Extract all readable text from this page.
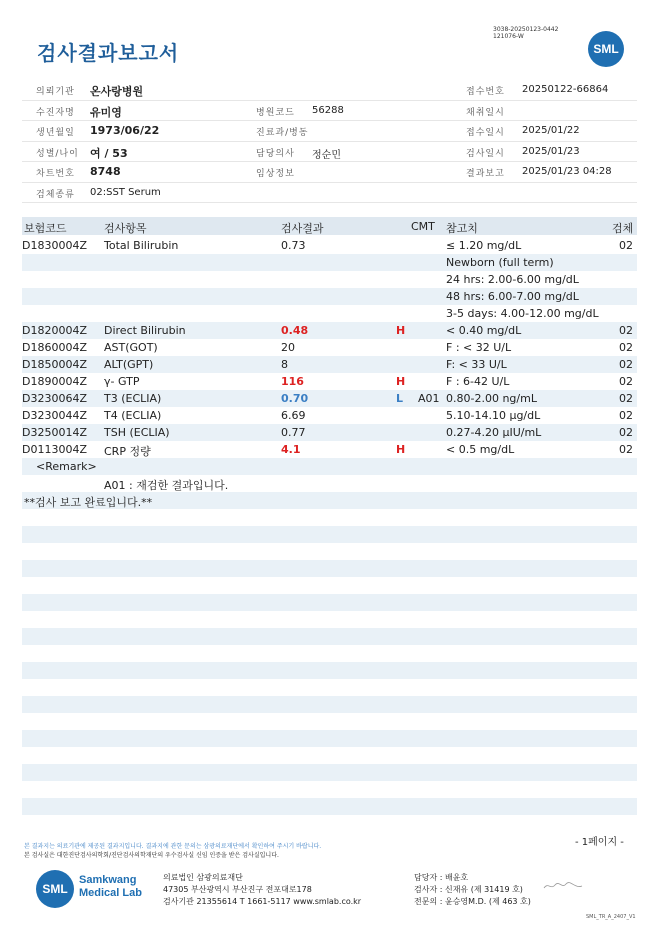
검사결과보고서
3038-20250123-0442
121076-W
SML
의뢰기관 온사랑병원	접수번호 20250122-66864
수진자명 유미영	병원코드 56288	채취일시
생년월일 1973/06/22	진료과/병동	접수일시 2025/01/22
성별/나이 여 / 53	담당의사 정순민	검사일시 2025/01/23
차트번호 8748	임상정보	결과보고 2025/01/23 04:28
검체종류 02:SST Serum
보험코드	검사항목	검사결과	CMT 참고치	검체
D1830004Z Total Bilirubin	0.73	≤ 1.20 mg/dL	02
Newborn (full term)
24 hrs: 2.00-6.00 mg/dL
48 hrs: 6.00-7.00 mg/dL
3-5 days: 4.00-12.00 mg/dL
D1820004Z Direct Bilirubin	0.48	H	< 0.40 mg/dL	02
D1860004Z AST(GOT)	20	F : < 32 U/L	02
D1850004Z ALT(GPT)	8	F: < 33 U/L	02
D1890004Z γ- GTP	116	H	F : 6-42 U/L	02
D3230064Z T3 (ECLIA)	0.70	L A01 0.80-2.00 ng/mL	02
D3230044Z T4 (ECLIA)	6.69	5.10-14.10 μg/dL	02
D3250014Z TSH (ECLIA)	0.77	0.27-4.20 μIU/mL	02
D0113004Z CRP 정량	4.1	H	< 0.5 mg/dL	02
<Remark>
A01 : 재검한 결과입니다.
**검사 보고 완료입니다.**
본 결과지는 의료기관에 제공된 결과지입니다. 결과지에 관한 문의는 삼광의료재단에서 확인하여 주시기 바랍니다.
본 검사실은 대한진단검사의학회/진단검사의학재단의 우수검사실 신임 인증을 받은 검사실입니다.
- 1페이지 -
SML
Samkwang
Medical Lab
의료법인 삼광의료재단
47305 부산광역시 부산진구 전포대로178
검사기관 21355614 T 1661-5117 www.smlab.co.kr
담당자 : 배윤호
검사자 : 신재유 (제 31419 호)
전문의 : 윤승영M.D. (제 463 호)
SML_TR_A_2407_V1
